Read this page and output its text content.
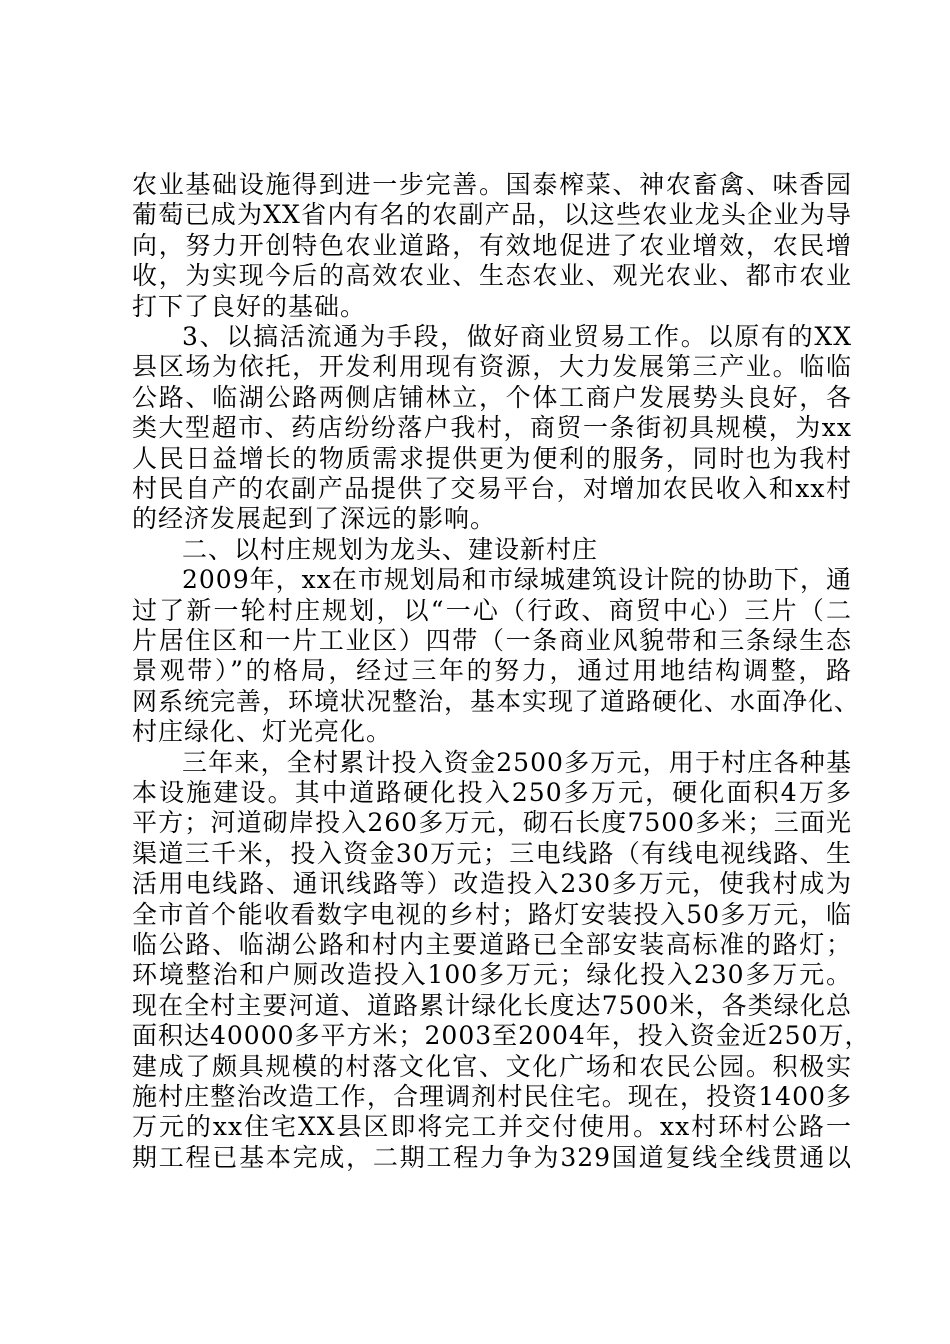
农业基础设施得到进一步完善。国泰榨菜、神农畜禽、味香园
葡萄已成为XX省内有名的农副产品，以这些农业龙头企业为导
向，努力开创特色农业道路，有效地促进了农业增效，农民增
收，为实现今后的高效农业、生态农业、观光农业、都市农业
打下了良好的基础。
3、以搞活流通为手段，做好商业贸易工作。以原有的XX
县区场为依托，开发利用现有资源，大力发展第三产业。临临
公路、临湖公路两侧店铺林立，个体工商户发展势头良好，各
类大型超市、药店纷纷落户我村，商贸一条街初具规模，为xx
人民日益增长的物质需求提供更为便利的服务，同时也为我村
村民自产的农副产品提供了交易平台，对增加农民收入和xx村
的经济发展起到了深远的影响。
二、以村庄规划为龙头、建设新村庄
2009年，xx在市规划局和市绿城建筑设计院的协助下，通
过了新一轮村庄规划，以“一心（行政、商贸中心）三片（二
片居住区和一片工业区）四带（一条商业风貌带和三条绿生态
景观带）”的格局，经过三年的努力，通过用地结构调整，路
网系统完善，环境状况整治，基本实现了道路硬化、水面净化、
村庄绿化、灯光亮化。
三年来，全村累计投入资金2500多万元，用于村庄各种基
本设施建设。其中道路硬化投入250多万元，硬化面积4万多
平方；河道砌岸投入260多万元，砌石长度7500多米；三面光
渠道三千米，投入资金30万元；三电线路（有线电视线路、生
活用电线路、通讯线路等）改造投入230多万元，使我村成为
全市首个能收看数字电视的乡村；路灯安装投入50多万元，临
临公路、临湖公路和村内主要道路已全部安装高标准的路灯；
环境整治和户厕改造投入100多万元；绿化投入230多万元。
现在全村主要河道、道路累计绿化长度达7500米，各类绿化总
面积达40000多平方米；2003至2004年，投入资金近250万，
建成了颇具规模的村落文化官、文化广场和农民公园。积极实
施村庄整治改造工作，合理调剂村民住宅。现在，投资1400多
万元的xx住宅XX县区即将完工并交付使用。xx村环村公路一
期工程已基本完成，二期工程力争为329国道复线全线贯通以
